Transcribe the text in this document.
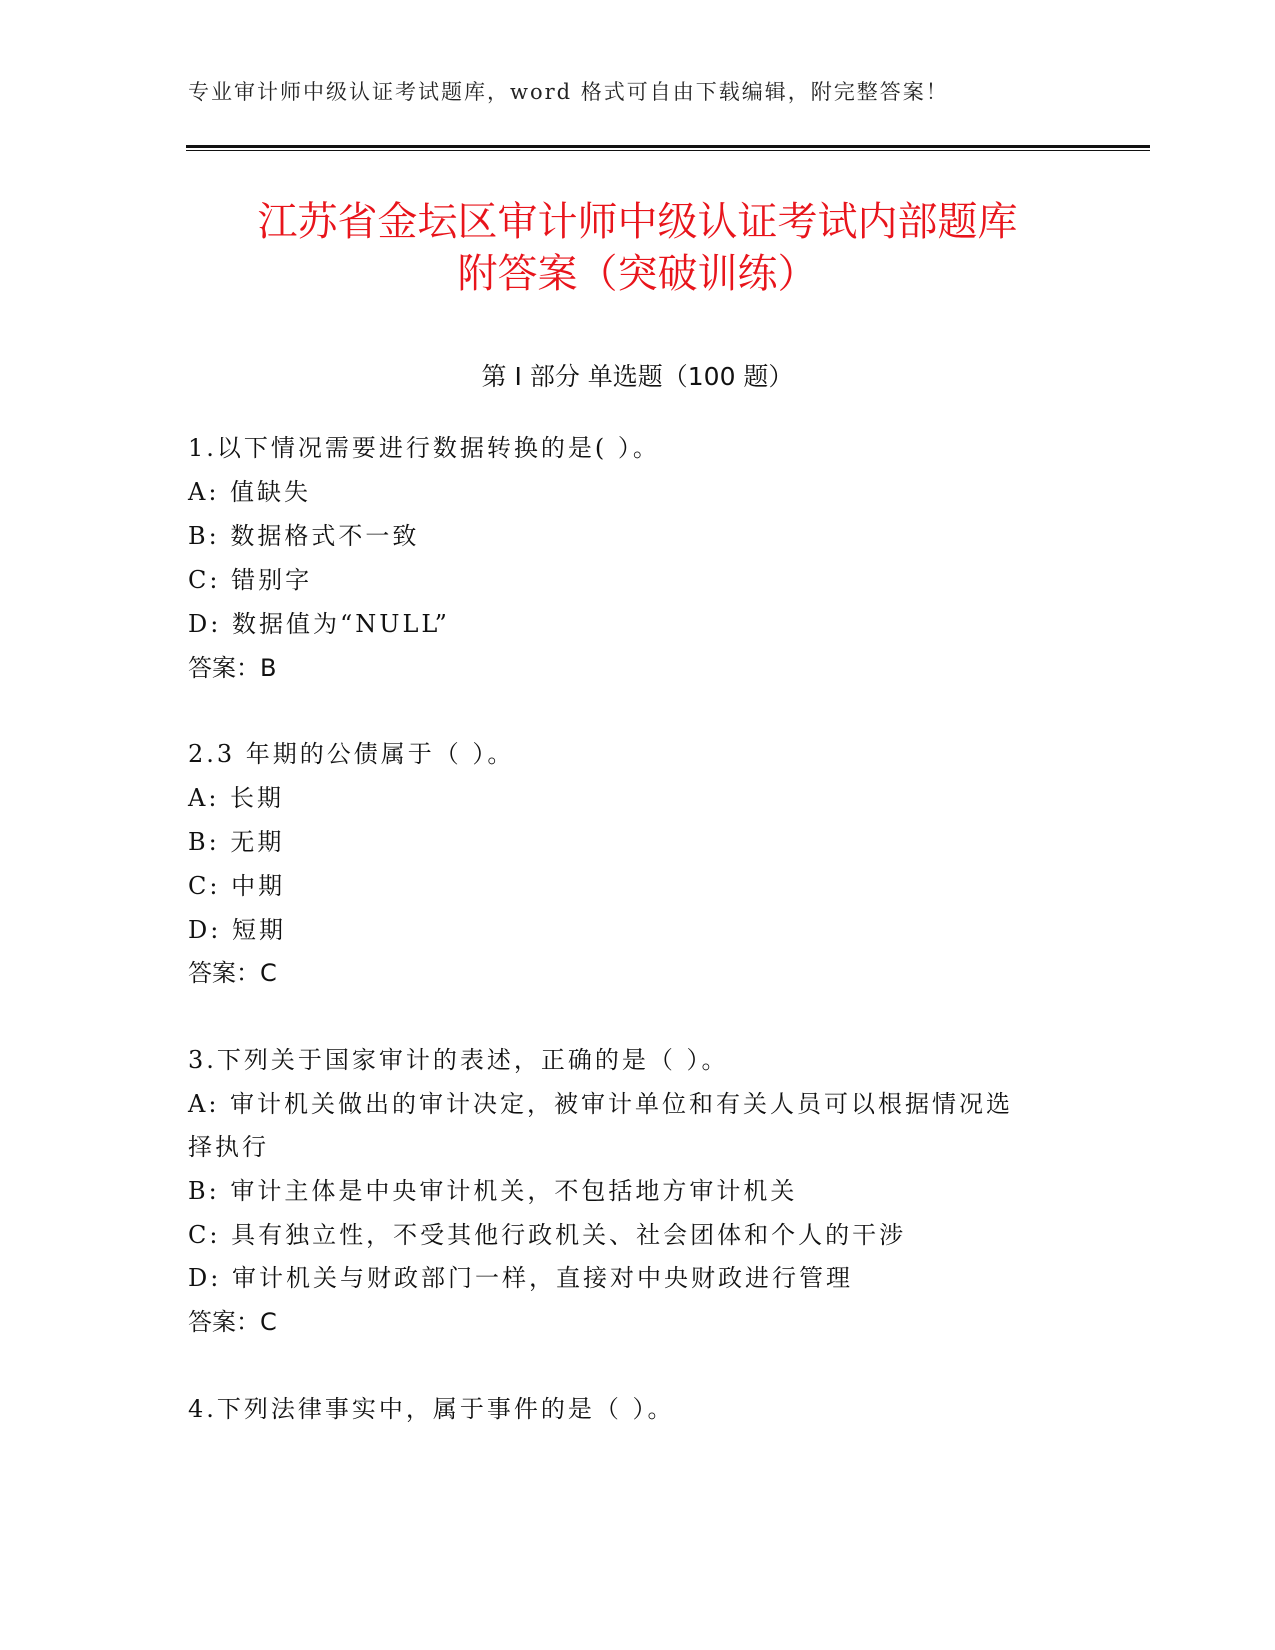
专业审计师中级认证考试题库，word 格式可自由下载编辑，附完整答案！
江苏省金坛区审计师中级认证考试内部题库
附答案（突破训练）
第 I 部分 单选题（100 题）
1.以下情况需要进行数据转换的是( ）。
A: 值缺失
B: 数据格式不一致
C: 错别字
D: 数据值为“NULL”
答案：B
2.3 年期的公债属于（ ）。
A: 长期
B: 无期
C: 中期
D: 短期
答案：C
3.下列关于国家审计的表述，正确的是（ ）。
A: 审计机关做出的审计决定，被审计单位和有关人员可以根据情况选
择执行
B: 审计主体是中央审计机关，不包括地方审计机关
C: 具有独立性，不受其他行政机关、社会团体和个人的干涉
D: 审计机关与财政部门一样，直接对中央财政进行管理
答案：C
4.下列法律事实中，属于事件的是（ ）。
